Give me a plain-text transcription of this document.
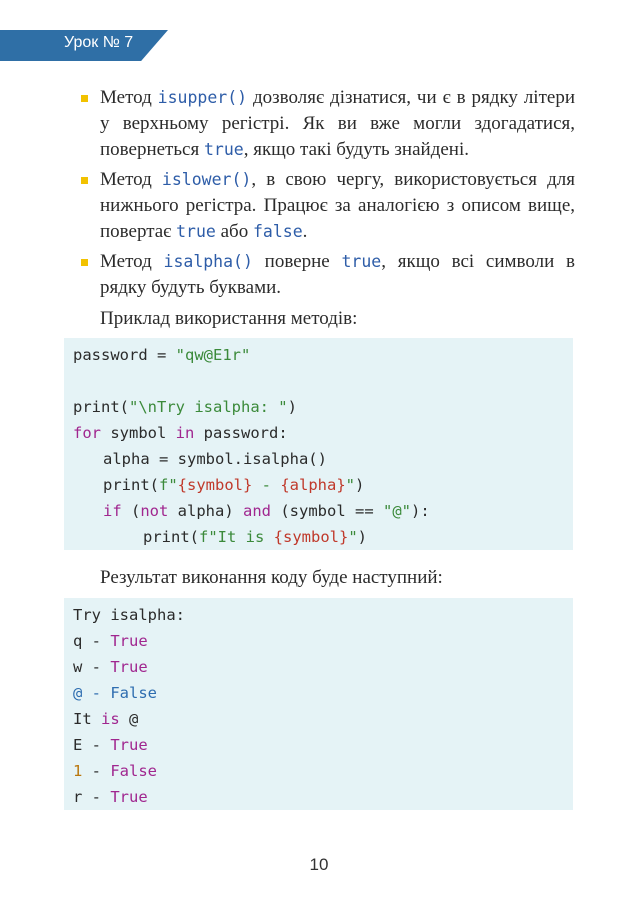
Урок № 7
Метод isupper() дозволяє дізнатися, чи є в рядку літери у верхньому регістрі. Як ви вже могли здогадатися, повернеться true, якщо такі будуть знайдені.
Метод islower(), в свою чергу, використовується для нижнього регістра. Працює за аналогією з описом вище, повертає true або false.
Метод isalpha() поверне true, якщо всі символи в рядку будуть буквами.
Приклад використання методів:
password = "qw@E1r"
print("\nTry isalpha: ")
for symbol in password:
alpha = symbol.isalpha()
print(f"{symbol} - {alpha}")
if (not alpha) and (symbol == "@"):
print(f"It is {symbol}")
Результат виконання коду буде наступний:
Try isalpha:
q - True
w - True
@ - False
It is @
E - True
1 - False
r - True
10
